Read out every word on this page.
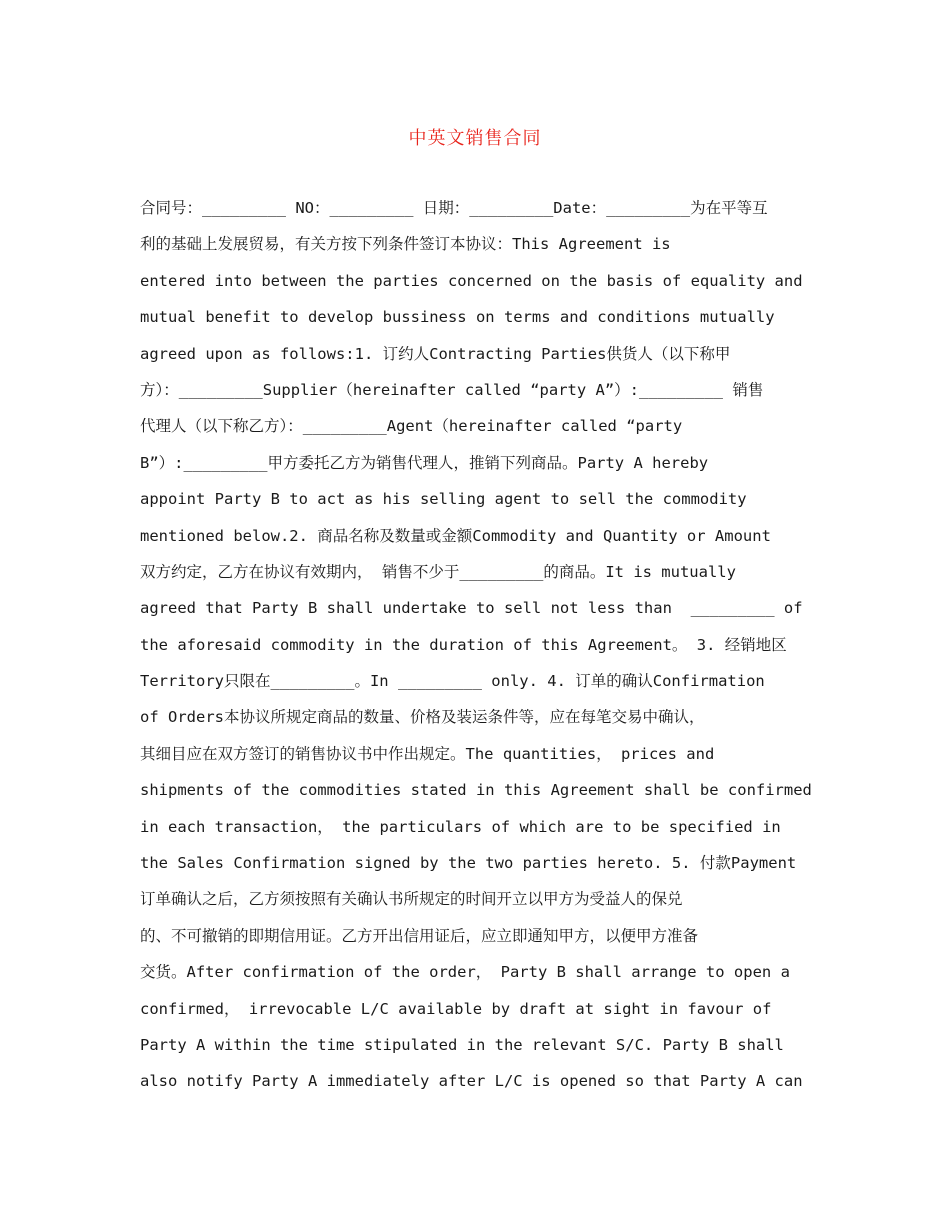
中英文销售合同
合同号：_________ NO：_________ 日期：_________Date：_________为在平等互
利的基础上发展贸易，有关方按下列条件签订本协议：This Agreement is
entered into between the parties concerned on the basis of equality and
mutual benefit to develop bussiness on terms and conditions mutually
agreed upon as follows:1. 订约人Contracting Parties供货人（以下称甲
方）：_________Supplier（hereinafter called “party A”）:_________ 销售
代理人（以下称乙方）：_________Agent（hereinafter called “party
B”）:_________甲方委托乙方为销售代理人，推销下列商品。Party A hereby
appoint Party B to act as his selling agent to sell the commodity
mentioned below.2. 商品名称及数量或金额Commodity and Quantity or Amount
双方约定，乙方在协议有效期内， 销售不少于_________的商品。It is mutually
agreed that Party B shall undertake to sell not less than  _________ of
the aforesaid commodity in the duration of this Agreement。 3. 经销地区
Territory只限在_________。In _________ only. 4. 订单的确认Confirmation
of Orders本协议所规定商品的数量、价格及装运条件等，应在每笔交易中确认，
其细目应在双方签订的销售协议书中作出规定。The quantities， prices and
shipments of the commodities stated in this Agreement shall be confirmed
in each transaction， the particulars of which are to be specified in
the Sales Confirmation signed by the two parties hereto. 5. 付款Payment
订单确认之后，乙方须按照有关确认书所规定的时间开立以甲方为受益人的保兑
的、不可撤销的即期信用证。乙方开出信用证后，应立即通知甲方，以便甲方准备
交货。After confirmation of the order， Party B shall arrange to open a
confirmed， irrevocable L/C available by draft at sight in favour of
Party A within the time stipulated in the relevant S/C. Party B shall
also notify Party A immediately after L/C is opened so that Party A can
